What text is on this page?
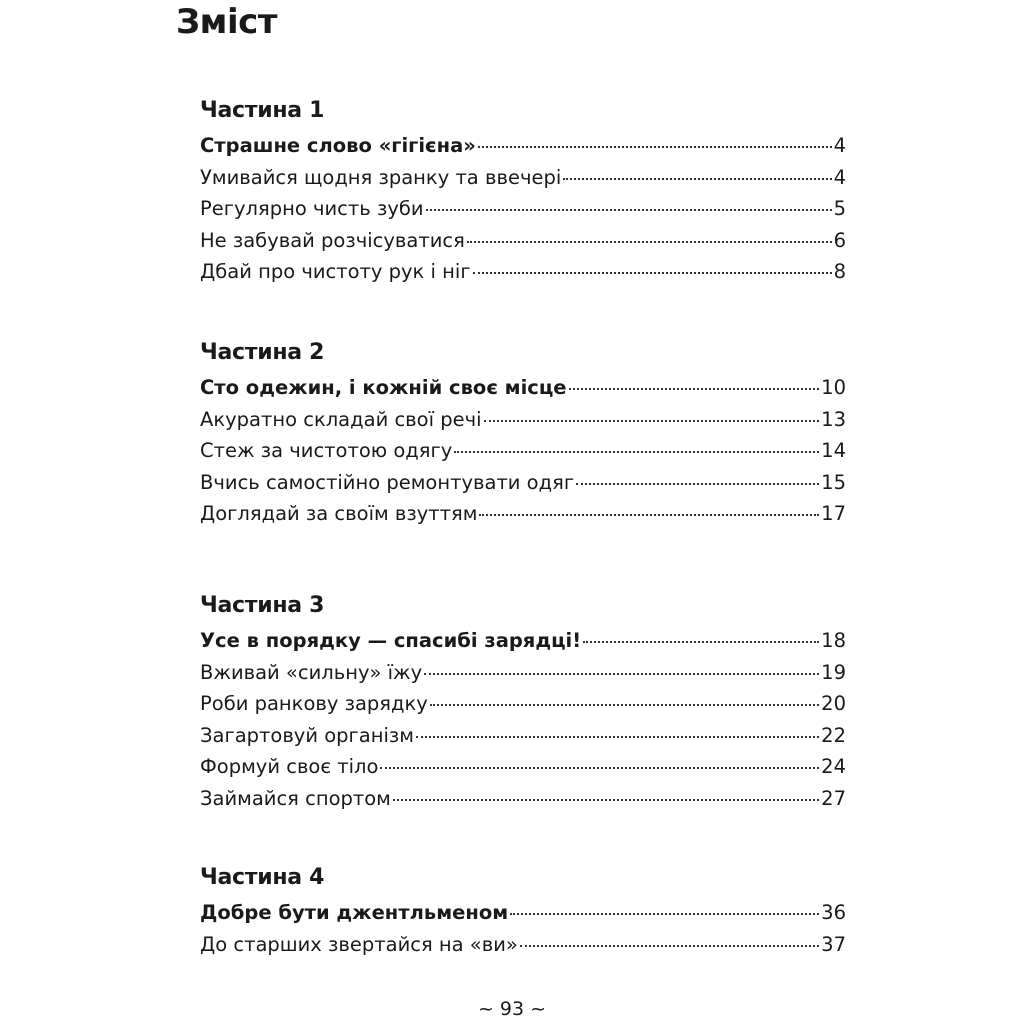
Зміст
Частина 1
Страшне слово «гігієна»	4
Умивайся щодня зранку та ввечері	4
Регулярно чисть зуби	5
Не забувай розчісуватися	6
Дбай про чистоту рук і ніг	8
Частина 2
Сто одежин, і кожній своє місце	10
Акуратно складай свої речі	13
Стеж за чистотою одягу	14
Вчись самостійно ремонтувати одяг	15
Доглядай за своїм взуттям	17
Частина 3
Усе в порядку — спасибі зарядці!	18
Вживай «сильну» їжу	19
Роби ранкову зарядку	20
Загартовуй організм	22
Формуй своє тіло	24
Займайся спортом	27
Частина 4
Добре бути джентльменом	36
До старших звертайся на «ви»	37
~ 93 ~
